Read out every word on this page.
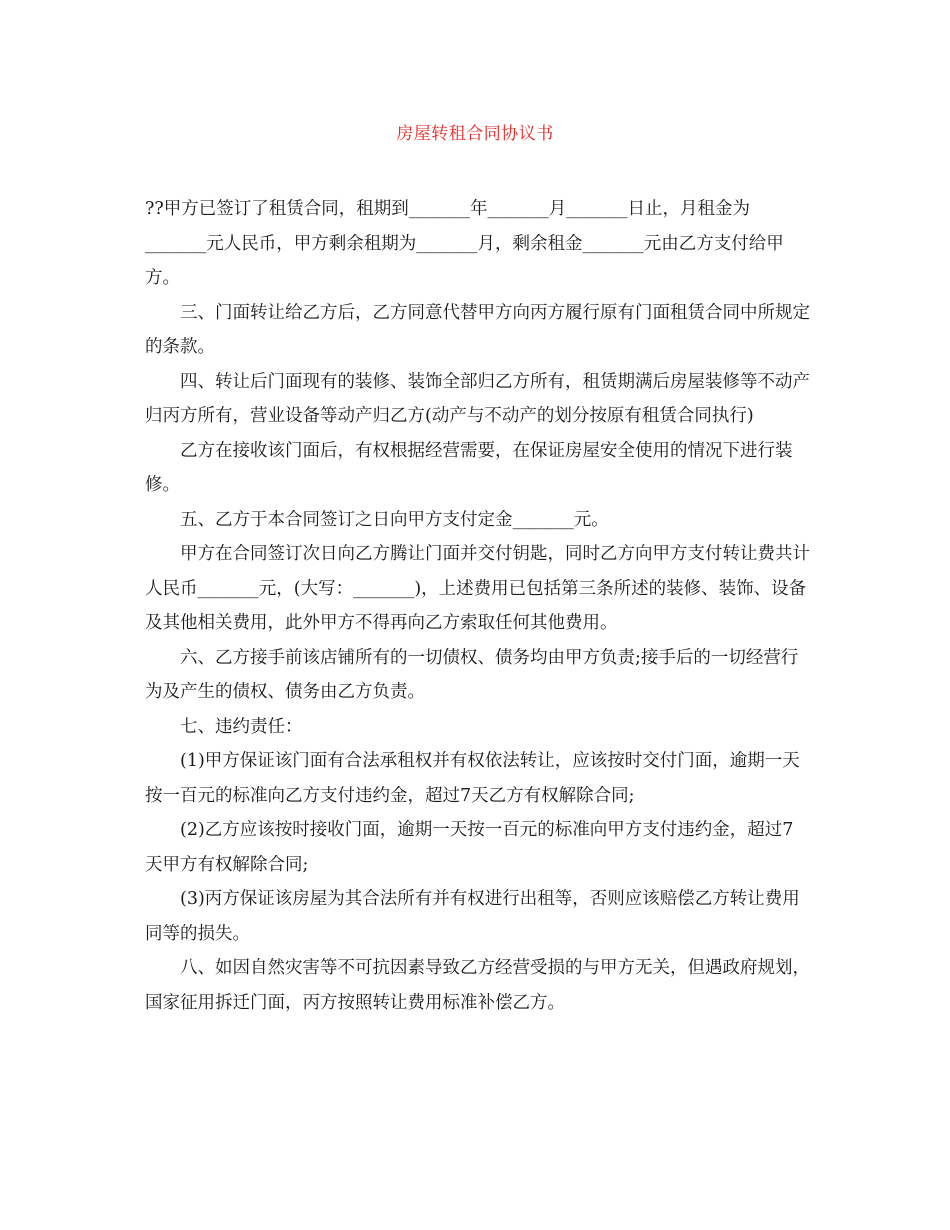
房屋转租合同协议书

??甲方已签订了租赁合同，租期到_______年_______月_______日止，月租金为_______元人民币，甲方剩余租期为_______月，剩余租金_______元由乙方支付给甲方。

三、门面转让给乙方后，乙方同意代替甲方向丙方履行原有门面租赁合同中所规定的条款。

四、转让后门面现有的装修、装饰全部归乙方所有，租赁期满后房屋装修等不动产归丙方所有，营业设备等动产归乙方(动产与不动产的划分按原有租赁合同执行)

乙方在接收该门面后，有权根据经营需要，在保证房屋安全使用的情况下进行装修。

五、乙方于本合同签订之日向甲方支付定金_______元。

甲方在合同签订次日向乙方腾让门面并交付钥匙，同时乙方向甲方支付转让费共计人民币_______元，(大写：_______)，上述费用已包括第三条所述的装修、装饰、设备及其他相关费用，此外甲方不得再向乙方索取任何其他费用。

六、乙方接手前该店铺所有的一切债权、债务均由甲方负责;接手后的一切经营行为及产生的债权、债务由乙方负责。

七、违约责任：

(1)甲方保证该门面有合法承租权并有权依法转让，应该按时交付门面，逾期一天按一百元的标准向乙方支付违约金，超过7天乙方有权解除合同;

(2)乙方应该按时接收门面，逾期一天按一百元的标准向甲方支付违约金，超过7天甲方有权解除合同;

(3)丙方保证该房屋为其合法所有并有权进行出租等，否则应该赔偿乙方转让费用同等的损失。

八、如因自然灾害等不可抗因素导致乙方经营受损的与甲方无关，但遇政府规划，国家征用拆迁门面，丙方按照转让费用标准补偿乙方。
